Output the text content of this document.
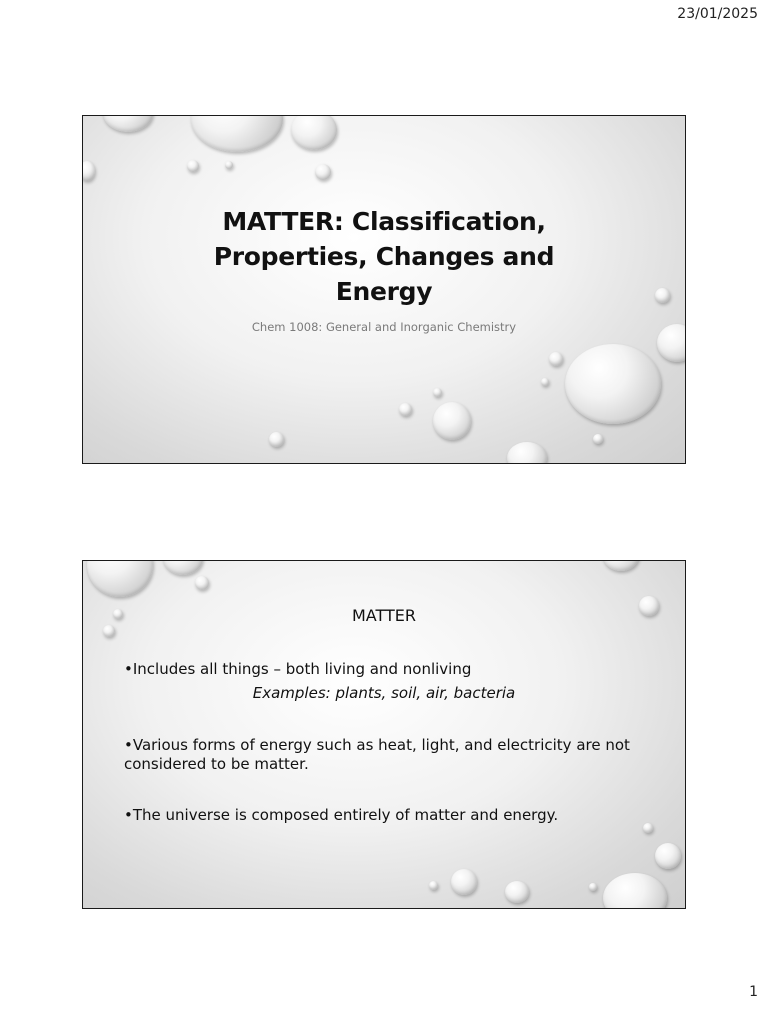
23/01/2025
MATTER: Classification,
Properties, Changes and
Energy
Chem 1008: General and Inorganic Chemistry
MATTER
•Includes all things – both living and nonliving
Examples: plants, soil, air, bacteria
•Various forms of energy such as heat, light, and electricity are not considered to be matter.
•The universe is composed entirely of matter and energy.
1
